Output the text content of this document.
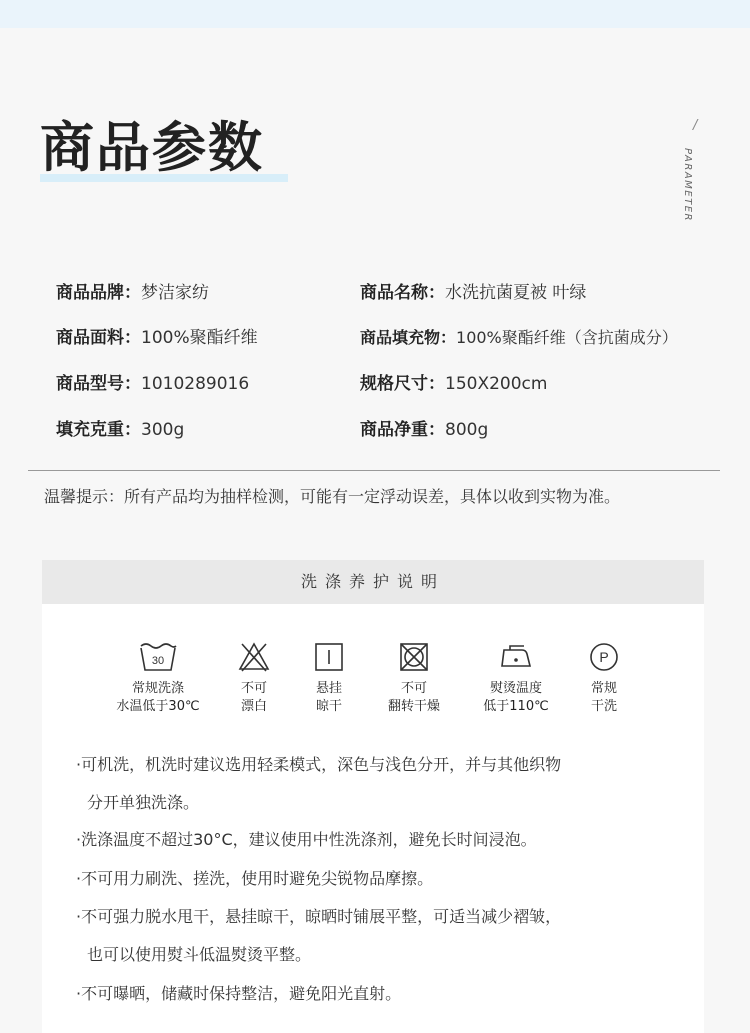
商品参数	/
PARAMETER
商品品牌：梦洁家纺	商品名称：水洗抗菌夏被 叶绿
商品面料：100%聚酯纤维	商品填充物：100%聚酯纤维（含抗菌成分）
商品型号：1010289016	规格尺寸：150X200cm
填充克重：300g	商品净重：800g
温馨提示：所有产品均为抽样检测，可能有一定浮动误差，具体以收到实物为准。
洗涤养护说明
30
常规洗涤
水温低于30℃
不可
漂白
悬挂
晾干
不可
翻转干燥
熨烫温度
低于110℃
P
常规
干洗
·可机洗，机洗时建议选用轻柔模式，深色与浅色分开，并与其他织物
分开单独洗涤。
·洗涤温度不超过30°C，建议使用中性洗涤剂，避免长时间浸泡。
·不可用力刷洗、搓洗，使用时避免尖锐物品摩擦。
·不可强力脱水甩干，悬挂晾干，晾晒时铺展平整，可适当减少褶皱，
也可以使用熨斗低温熨烫平整。
·不可曝晒，储藏时保持整洁，避免阳光直射。
